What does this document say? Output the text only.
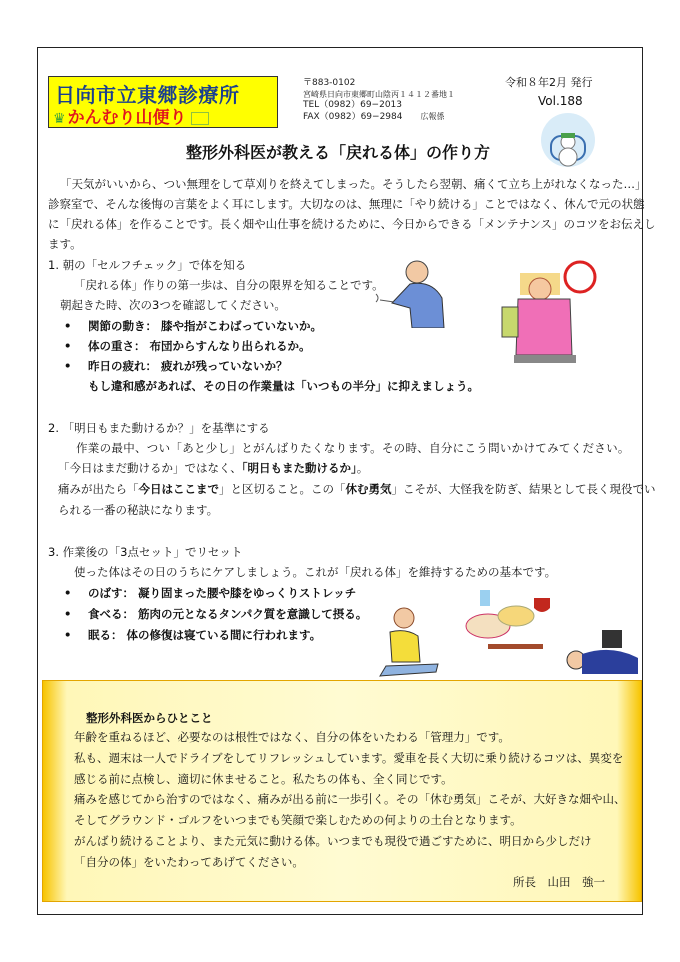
日向市立東郷診療所
♛ かんむり山便り
〒883-0102
宮崎県日向市東郷町山陰丙１４１２番地１
TEL（0982）69−2013
FAX（0982）69−2984 広報係
令和８年2月 発行
Vol.188
整形外科医が教える「戻れる体」の作り方
「天気がいいから、つい無理をして草刈りを終えてしまった。そうしたら翌朝、痛くて立ち上がれなくなった…」
診察室で、そんな後悔の言葉をよく耳にします。大切なのは、無理に「やり続ける」ことではなく、休んで元の状態
に「戻れる体」を作ることです。長く畑や山仕事を続けるために、今日からできる「メンテナンス」のコツをお伝えし
ます。
1. 朝の「セルフチェック」で体を知る
「戻れる体」作りの第一歩は、自分の限界を知ることです。
朝起きた時、次の3つを確認してください。
• 関節の動き： 膝や指がこわばっていないか。
• 体の重さ： 布団からすんなり出られるか。
• 昨日の疲れ： 疲れが残っていないか？
もし違和感があれば、その日の作業量は「いつもの半分」に抑えましょう。
2. 「明日もまた動けるか？」を基準にする
作業の最中、つい「あと少し」とがんばりたくなります。その時、自分にこう問いかけてみてください。
「今日はまだ動けるか」ではなく、「明日もまた動けるか」。
痛みが出たら「今日はここまで」と区切ること。この「休む勇気」こそが、大怪我を防ぎ、結果として長く現役でい
られる一番の秘訣になります。
3. 作業後の「3点セット」でリセット
使った体はその日のうちにケアしましょう。これが「戻れる体」を維持するための基本です。
• のばす： 凝り固まった腰や膝をゆっくりストレッチ
• 食べる： 筋肉の元となるタンパク質を意識して摂る。
• 眠る： 体の修復は寝ている間に行われます。
整形外科医からひとこと
年齢を重ねるほど、必要なのは根性ではなく、自分の体をいたわる「管理力」です。
私も、週末は一人でドライブをしてリフレッシュしています。愛車を長く大切に乗り続けるコツは、異変を
感じる前に点検し、適切に休ませること。私たちの体も、全く同じです。
痛みを感じてから治すのではなく、痛みが出る前に一歩引く。その「休む勇気」こそが、大好きな畑や山、
そしてグラウンド・ゴルフをいつまでも笑顔で楽しむための何よりの土台となります。
がんばり続けることより、また元気に動ける体。いつまでも現役で過ごすために、明日から少しだけ
「自分の体」をいたわってあげてください。
所長　山田　強一
